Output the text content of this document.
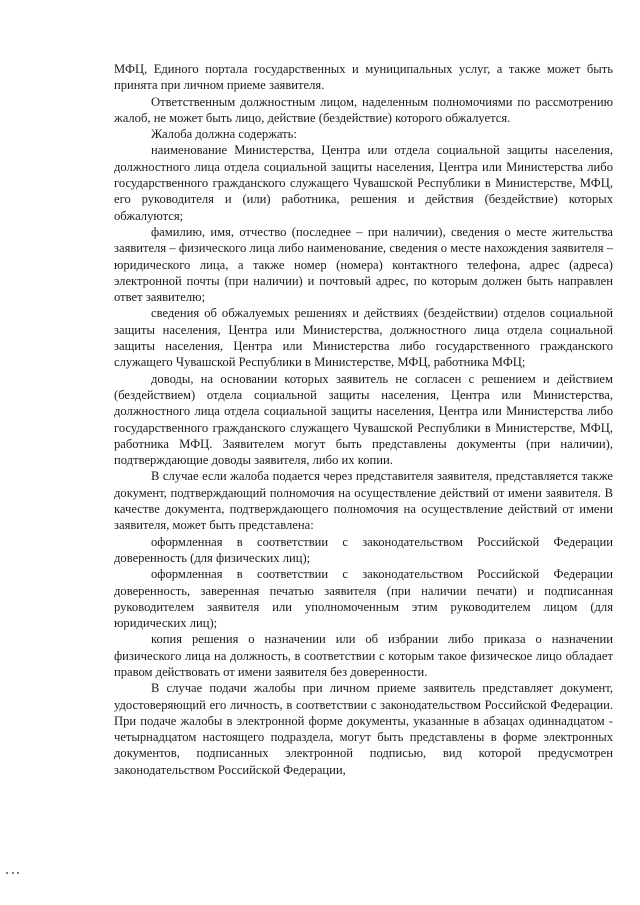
МФЦ, Единого портала государственных и муниципальных услуг, а также может быть принята при личном приеме заявителя.

Ответственным должностным лицом, наделенным полномочиями по рассмотрению жалоб, не может быть лицо, действие (бездействие) которого обжалуется.

Жалоба должна содержать:

наименование Министерства, Центра или отдела социальной защиты населения, должностного лица отдела социальной защиты населения, Центра или Министерства либо государственного гражданского служащего Чувашской Республики в Министерстве, МФЦ, его руководителя и (или) работника, решения и действия (бездействие) которых обжалуются;

фамилию, имя, отчество (последнее – при наличии), сведения о месте жительства заявителя – физического лица либо наименование, сведения о месте нахождения заявителя – юридического лица, а также номер (номера) контактного телефона, адрес (адреса) электронной почты (при наличии) и почтовый адрес, по которым должен быть направлен ответ заявителю;

сведения об обжалуемых решениях и действиях (бездействии) отделов социальной защиты населения, Центра или Министерства, должностного лица отдела социальной защиты населения, Центра или Министерства либо государственного гражданского служащего Чувашской Республики в Министерстве, МФЦ, работника МФЦ;

доводы, на основании которых заявитель не согласен с решением и действием (бездействием) отдела социальной защиты населения, Центра или Министерства, должностного лица отдела социальной защиты населения, Центра или Министерства либо государственного гражданского служащего Чувашской Республики в Министерстве, МФЦ, работника МФЦ. Заявителем могут быть представлены документы (при наличии), подтверждающие доводы заявителя, либо их копии.

В случае если жалоба подается через представителя заявителя, представляется также документ, подтверждающий полномочия на осуществление действий от имени заявителя. В качестве документа, подтверждающего полномочия на осуществление действий от имени заявителя, может быть представлена:

оформленная в соответствии с законодательством Российской Федерации доверенность (для физических лиц);

оформленная в соответствии с законодательством Российской Федерации доверенность, заверенная печатью заявителя (при наличии печати) и подписанная руководителем заявителя или уполномоченным этим руководителем лицом (для юридических лиц);

копия решения о назначении или об избрании либо приказа о назначении физического лица на должность, в соответствии с которым такое физическое лицо обладает правом действовать от имени заявителя без доверенности.

В случае подачи жалобы при личном приеме заявитель представляет документ, удостоверяющий его личность, в соответствии с законодательством Российской Федерации. При подаче жалобы в электронной форме документы, указанные в абзацах одиннадцатом - четырнадцатом настоящего подраздела, могут быть представлены в форме электронных документов, подписанных электронной подписью, вид которой предусмотрен законодательством Российской Федерации,
